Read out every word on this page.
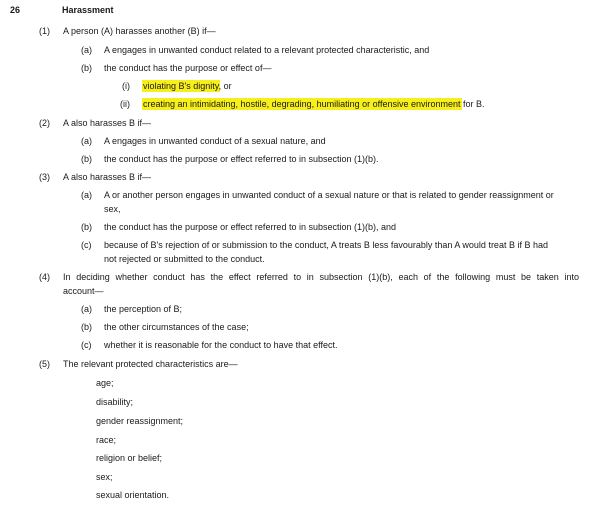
26	Harassment
(1) A person (A) harasses another (B) if—
(a) A engages in unwanted conduct related to a relevant protected characteristic, and
(b) the conduct has the purpose or effect of—
(i) violating B's dignity, or
(ii) creating an intimidating, hostile, degrading, humiliating or offensive environment for B.
(2) A also harasses B if—
(a) A engages in unwanted conduct of a sexual nature, and
(b) the conduct has the purpose or effect referred to in subsection (1)(b).
(3) A also harasses B if—
(a) A or another person engages in unwanted conduct of a sexual nature or that is related to gender reassignment or
sex,
(b) the conduct has the purpose or effect referred to in subsection (1)(b), and
(c) because of B's rejection of or submission to the conduct, A treats B less favourably than A would treat B if B had
not rejected or submitted to the conduct.
(4) In deciding whether conduct has the effect referred to in subsection (1)(b), each of the following must be taken into
account—
(a) the perception of B;
(b) the other circumstances of the case;
(c) whether it is reasonable for the conduct to have that effect.
(5) The relevant protected characteristics are—
age;
disability;
gender reassignment;
race;
religion or belief;
sex;
sexual orientation.
